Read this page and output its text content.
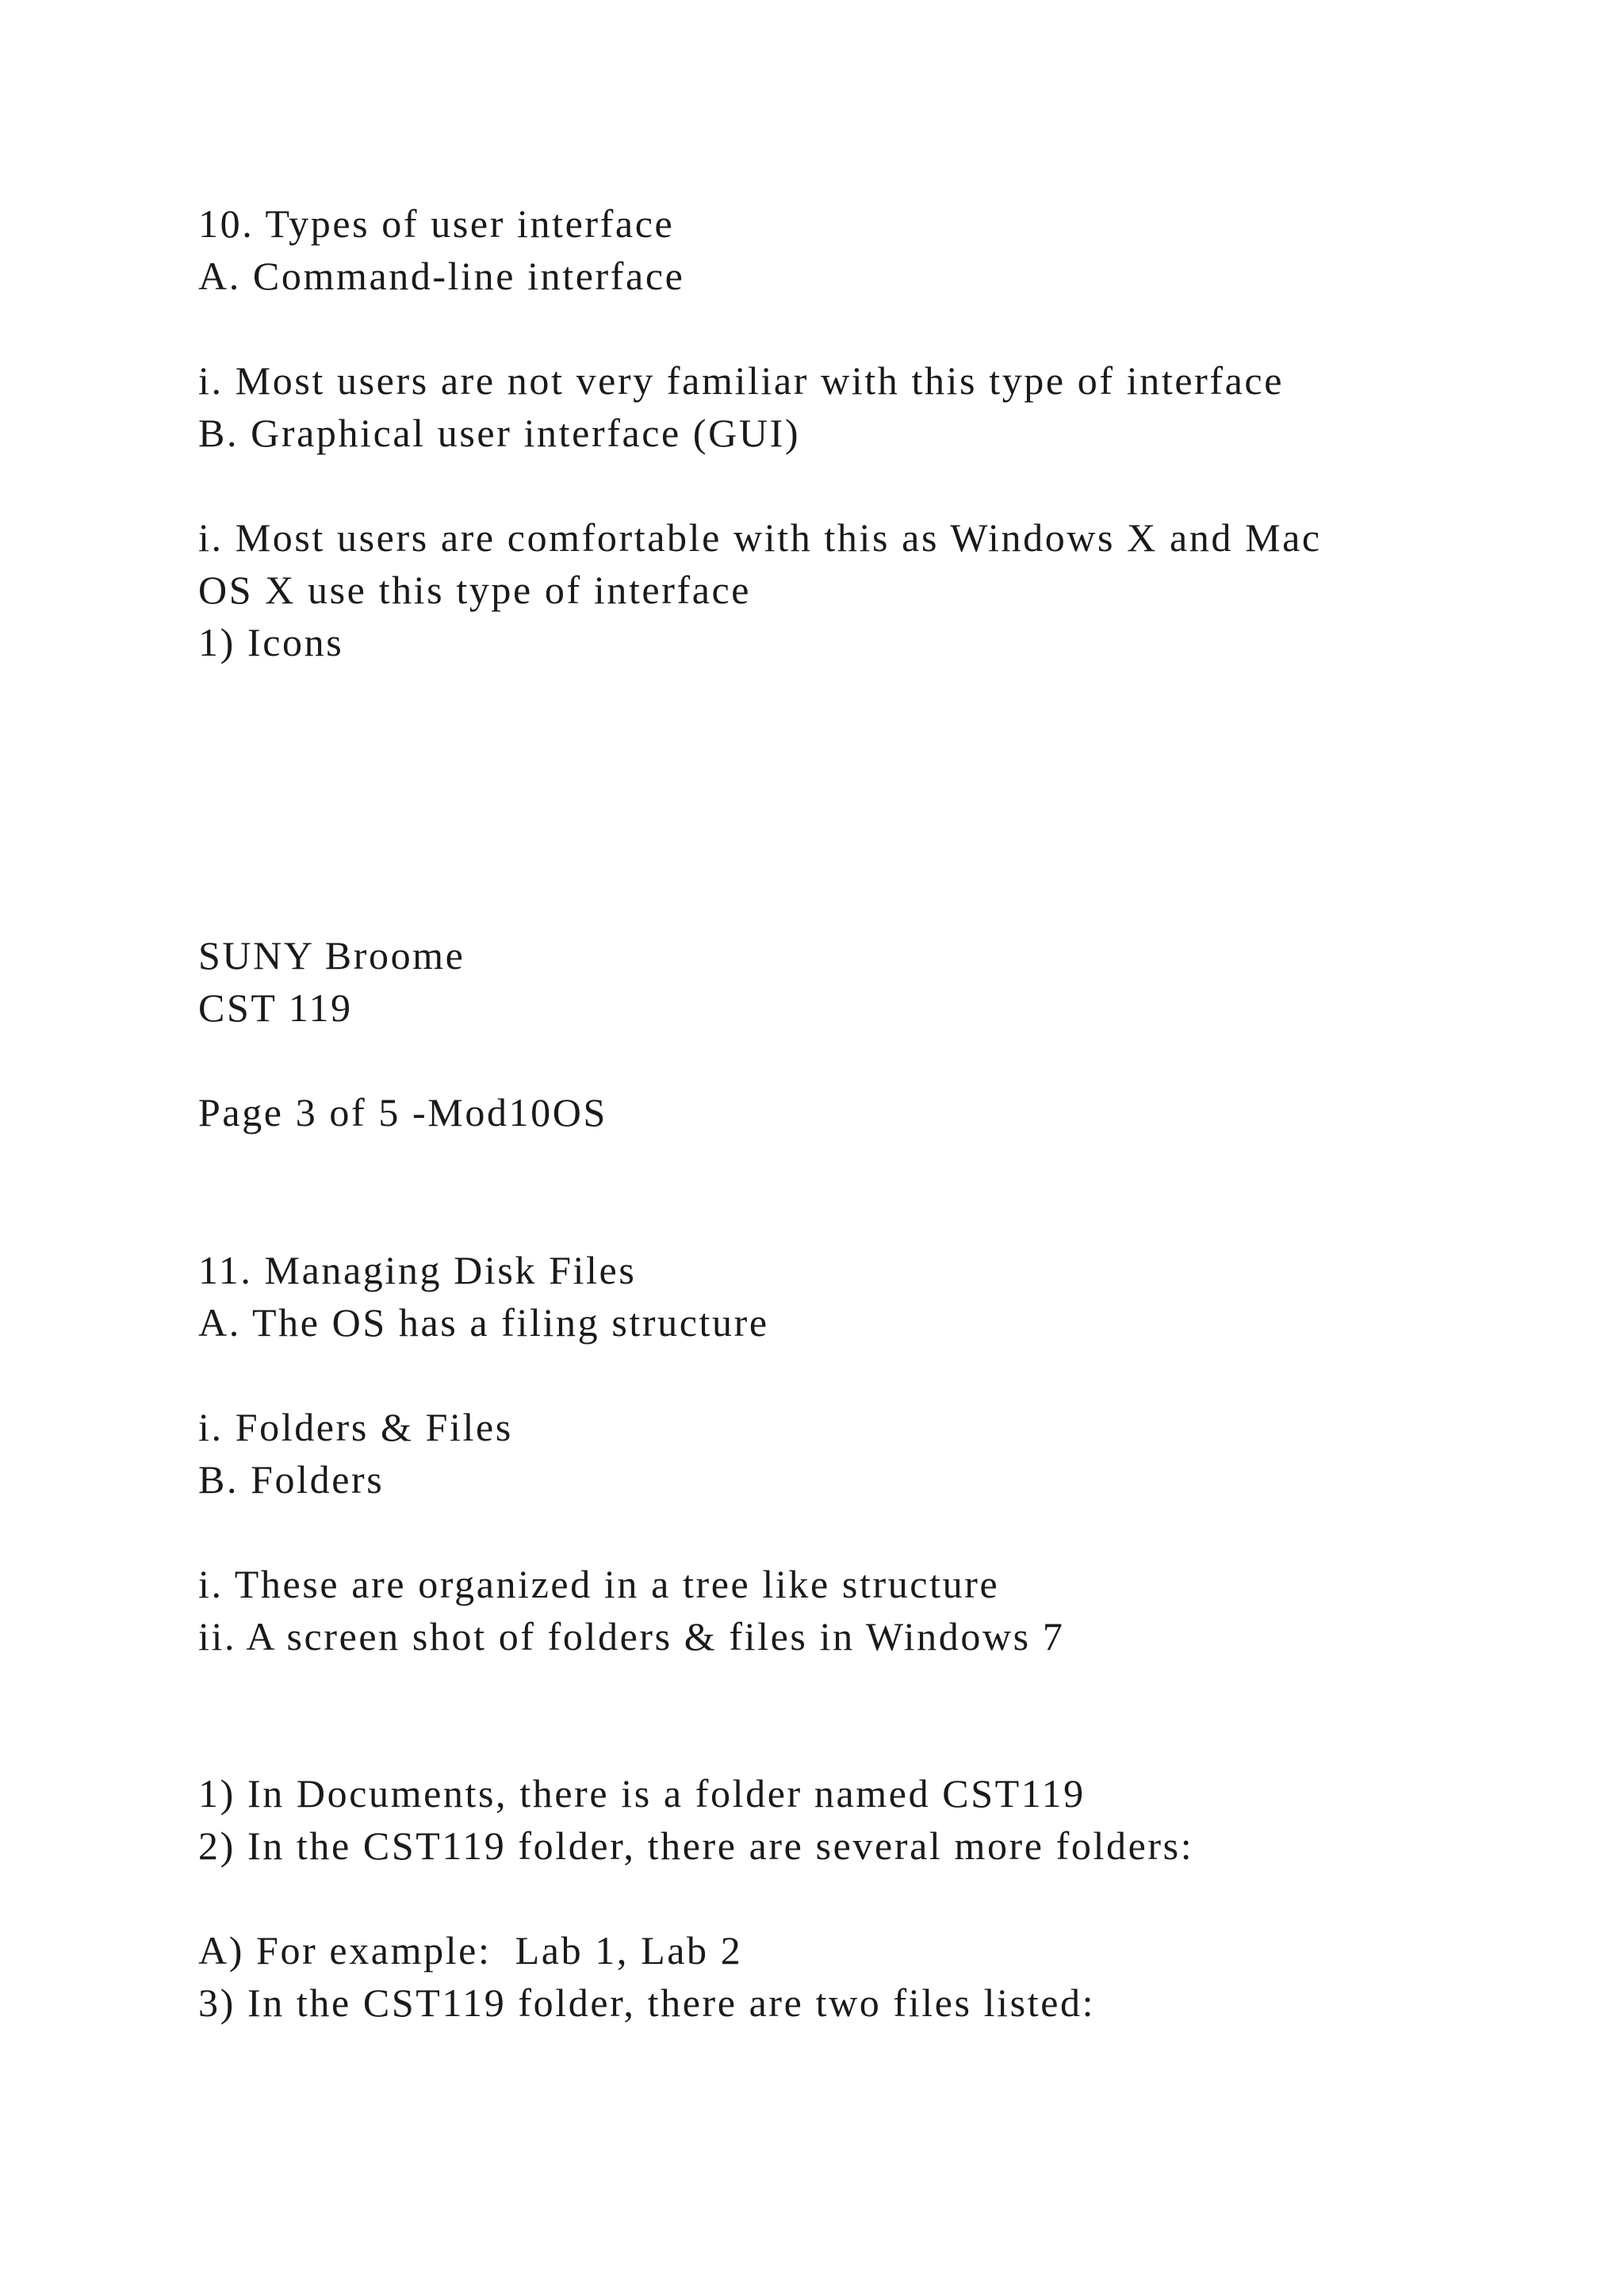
10. Types of user interface

A. Command-line interface

i. Most users are not very familiar with this type of interface

B. Graphical user interface (GUI)

i. Most users are comfortable with this as Windows X and Mac

OS X use this type of interface

1) Icons

SUNY Broome

CST 119

Page 3 of 5 -Mod10OS

11. Managing Disk Files

A. The OS has a filing structure

i. Folders & Files

B. Folders

i. These are organized in a tree like structure

ii. A screen shot of folders & files in Windows 7

1) In Documents, there is a folder named CST119

2) In the CST119 folder, there are several more folders:

A) For example:  Lab 1, Lab 2

3) In the CST119 folder, there are two files listed:
